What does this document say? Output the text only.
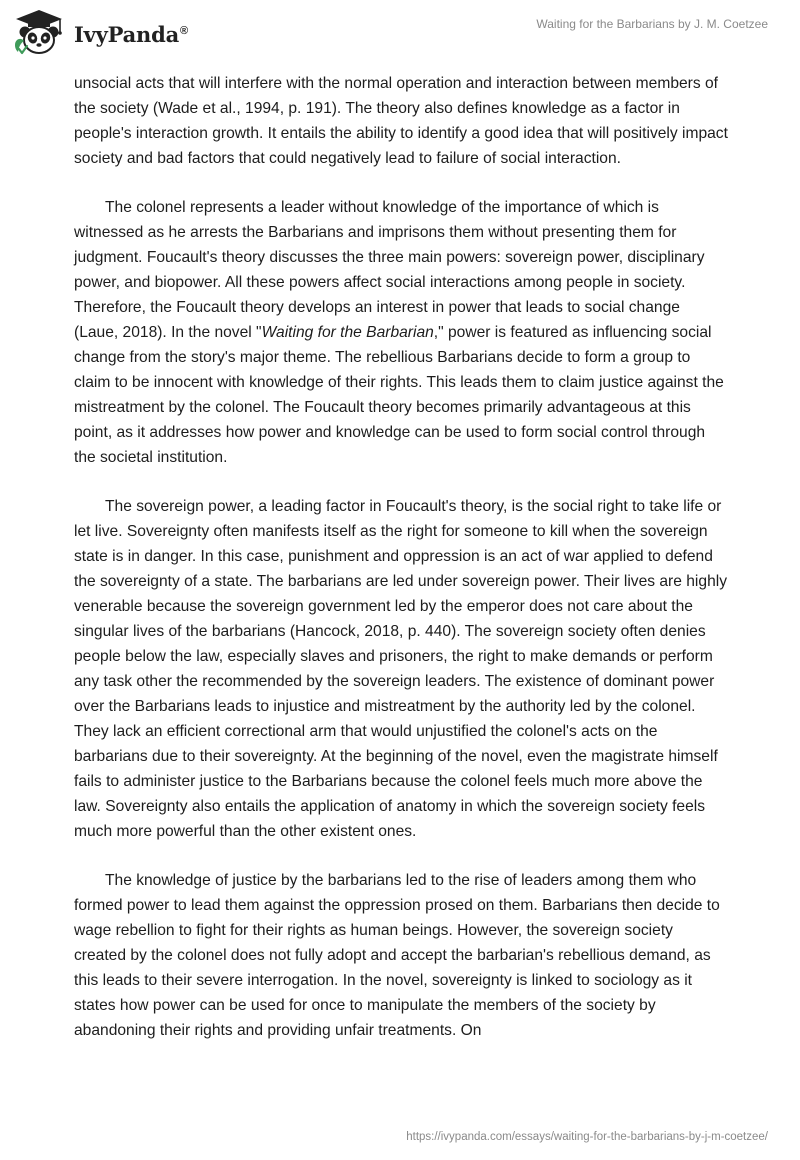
IvyPanda®	Waiting for the Barbarians by J. M. Coetzee

unsocial acts that will interfere with the normal operation and interaction between members of the society (Wade et al., 1994, p. 191). The theory also defines knowledge as a factor in people's interaction growth. It entails the ability to identify a good idea that will positively impact society and bad factors that could negatively lead to failure of social interaction.

The colonel represents a leader without knowledge of the importance of which is witnessed as he arrests the Barbarians and imprisons them without presenting them for judgment. Foucault's theory discusses the three main powers: sovereign power, disciplinary power, and biopower. All these powers affect social interactions among people in society. Therefore, the Foucault theory develops an interest in power that leads to social change (Laue, 2018). In the novel "Waiting for the Barbarian," power is featured as influencing social change from the story's major theme. The rebellious Barbarians decide to form a group to claim to be innocent with knowledge of their rights. This leads them to claim justice against the mistreatment by the colonel. The Foucault theory becomes primarily advantageous at this point, as it addresses how power and knowledge can be used to form social control through the societal institution.

The sovereign power, a leading factor in Foucault's theory, is the social right to take life or let live. Sovereignty often manifests itself as the right for someone to kill when the sovereign state is in danger. In this case, punishment and oppression is an act of war applied to defend the sovereignty of a state. The barbarians are led under sovereign power. Their lives are highly venerable because the sovereign government led by the emperor does not care about the singular lives of the barbarians (Hancock, 2018, p. 440). The sovereign society often denies people below the law, especially slaves and prisoners, the right to make demands or perform any task other the recommended by the sovereign leaders. The existence of dominant power over the Barbarians leads to injustice and mistreatment by the authority led by the colonel. They lack an efficient correctional arm that would unjustified the colonel's acts on the barbarians due to their sovereignty. At the beginning of the novel, even the magistrate himself fails to administer justice to the Barbarians because the colonel feels much more above the law. Sovereignty also entails the application of anatomy in which the sovereign society feels much more powerful than the other existent ones.

The knowledge of justice by the barbarians led to the rise of leaders among them who formed power to lead them against the oppression prosed on them. Barbarians then decide to wage rebellion to fight for their rights as human beings. However, the sovereign society created by the colonel does not fully adopt and accept the barbarian's rebellious demand, as this leads to their severe interrogation. In the novel, sovereignty is linked to sociology as it states how power can be used for once to manipulate the members of the society by abandoning their rights and providing unfair treatments. On

https://ivypanda.com/essays/waiting-for-the-barbarians-by-j-m-coetzee/
